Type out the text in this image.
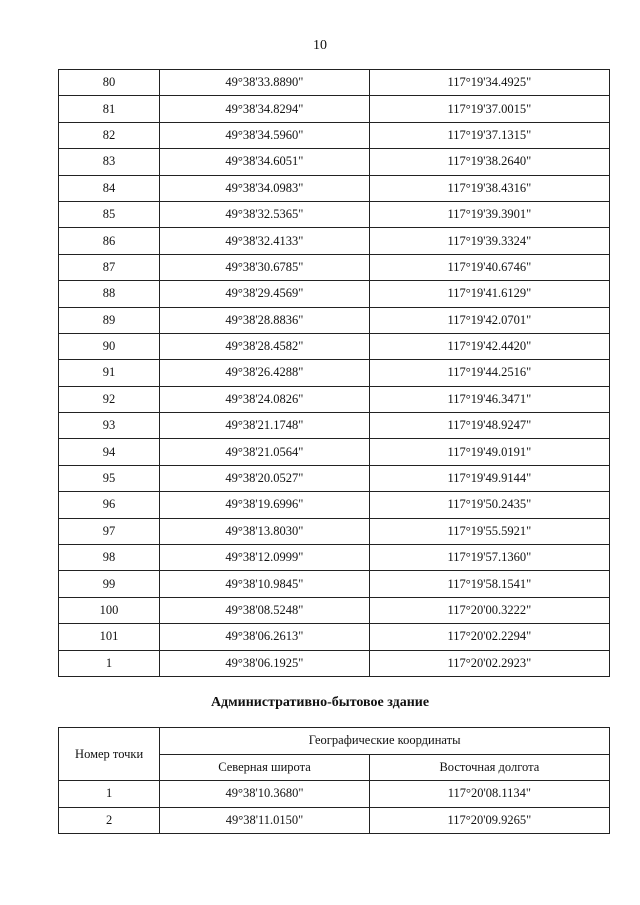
10
80	49°38'33.8890"	117°19'34.4925"
81	49°38'34.8294"	117°19'37.0015"
82	49°38'34.5960"	117°19'37.1315"
83	49°38'34.6051"	117°19'38.2640"
84	49°38'34.0983"	117°19'38.4316"
85	49°38'32.5365"	117°19'39.3901"
86	49°38'32.4133"	117°19'39.3324"
87	49°38'30.6785"	117°19'40.6746"
88	49°38'29.4569"	117°19'41.6129"
89	49°38'28.8836"	117°19'42.0701"
90	49°38'28.4582"	117°19'42.4420"
91	49°38'26.4288"	117°19'44.2516"
92	49°38'24.0826"	117°19'46.3471"
93	49°38'21.1748"	117°19'48.9247"
94	49°38'21.0564"	117°19'49.0191"
95	49°38'20.0527"	117°19'49.9144"
96	49°38'19.6996"	117°19'50.2435"
97	49°38'13.8030"	117°19'55.5921"
98	49°38'12.0999"	117°19'57.1360"
99	49°38'10.9845"	117°19'58.1541"
100	49°38'08.5248"	117°20'00.3222"
101	49°38'06.2613"	117°20'02.2294"
1	49°38'06.1925"	117°20'02.2923"
Административно-бытовое здание
Номер точки	Географические координаты	
	Северная широта	Восточная долгота
1	49°38'10.3680"	117°20'08.1134"
2	49°38'11.0150"	117°20'09.9265"
